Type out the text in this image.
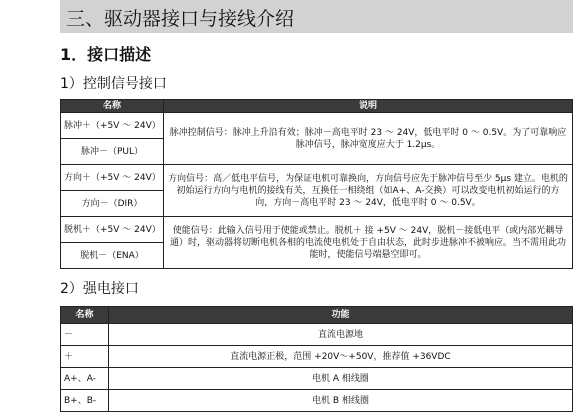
三、驱动器接口与接线介绍
1．接口描述
1）控制信号接口
名称	说明
脉冲＋（+5V ～ 24V）	脉冲控制信号：脉冲上升沿有效；脉冲－高电平时 23 ～ 24V，低电平时 0 ～ 0.5V。为了可靠响应脉冲信号，脉冲宽度应大于 1.2μs。
脉冲－（PUL）	
方向＋（+5V ～ 24V）	方向信号：高／低电平信号，为保证电机可靠换向，方向信号应先于脉冲信号至少 5μs 建立。电机的初始运行方向与电机的接线有关，互换任一相绕组（如A+、A-交换）可以改变电机初始运行的方向，方向－高电平时 23 ～ 24V，低电平时 0 ～ 0.5V。
方向－（DIR）	
脱机＋（+5V ～ 24V）	使能信号：此输入信号用于使能或禁止。脱机＋ 接 +5V ～ 24V，脱机－接低电平（或内部光耦导通）时，驱动器将切断电机各相的电流使电机处于自由状态，此时步进脉冲不被响应。当不需用此功能时，使能信号端悬空即可。
脱机－（ENA）	
2）强电接口
名称	功能
－	直流电源地
＋	直流电源正极，范围 +20V～+50V，推荐值 +36VDC
A+、A-	电机 A 相线圈
B+、B-	电机 B 相线圈
